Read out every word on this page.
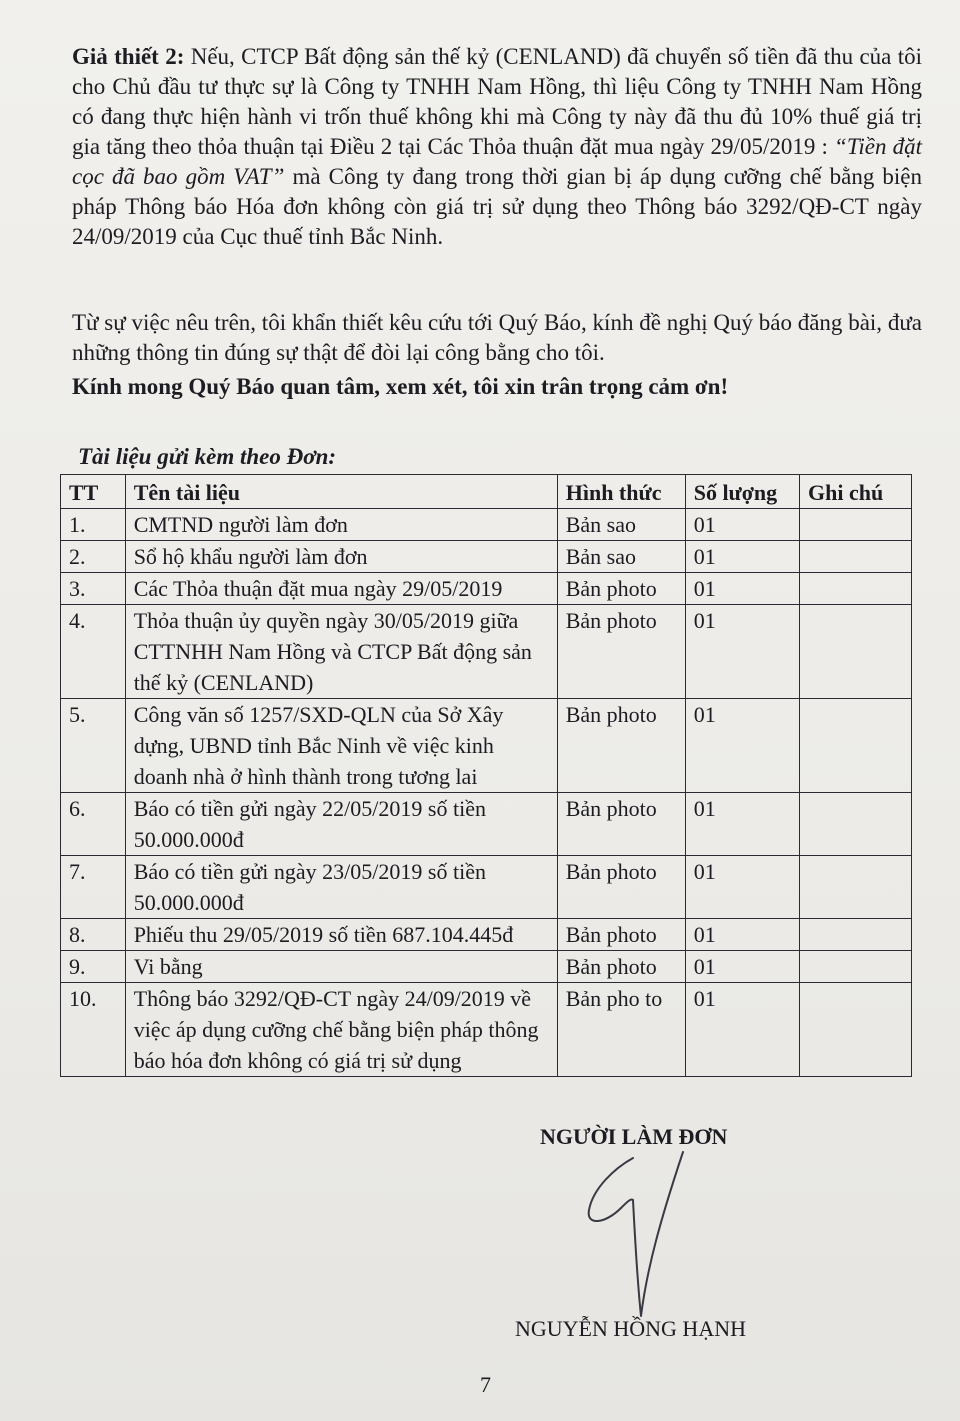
Giả thiết 2: Nếu, CTCP Bất động sản thế kỷ (CENLAND) đã chuyển số tiền đã thu của tôi cho Chủ đầu tư thực sự là Công ty TNHH Nam Hồng, thì liệu Công ty TNHH Nam Hồng có đang thực hiện hành vi trốn thuế không khi mà Công ty này đã thu đủ 10% thuế giá trị gia tăng theo thỏa thuận tại Điều 2 tại Các Thỏa thuận đặt mua ngày 29/05/2019 : “Tiền đặt cọc đã bao gồm VAT” mà Công ty đang trong thời gian bị áp dụng cưỡng chế bằng biện pháp Thông báo Hóa đơn không còn giá trị sử dụng theo Thông báo 3292/QĐ-CT ngày 24/09/2019 của Cục thuế tỉnh Bắc Ninh.
Từ sự việc nêu trên, tôi khẩn thiết kêu cứu tới Quý Báo, kính đề nghị Quý báo đăng bài, đưa những thông tin đúng sự thật để đòi lại công bằng cho tôi.
Kính mong Quý Báo quan tâm, xem xét, tôi xin trân trọng cảm ơn!
Tài liệu gửi kèm theo Đơn:
TT	Tên tài liệu	Hình thức	Số lượng	Ghi chú
1.	CMTND người làm đơn	Bản sao	01	
2.	Sổ hộ khẩu người làm đơn	Bản sao	01	
3.	Các Thỏa thuận đặt mua ngày 29/05/2019	Bản photo	01	
4.	Thỏa thuận ủy quyền ngày 30/05/2019 giữa CTTNHH Nam Hồng và CTCP Bất động sản thế kỷ (CENLAND)	Bản photo	01	
5.	Công văn số 1257/SXD-QLN của Sở Xây dựng, UBND tỉnh Bắc Ninh về việc kinh doanh nhà ở hình thành trong tương lai	Bản photo	01	
6.	Báo có tiền gửi ngày 22/05/2019 số tiền 50.000.000đ	Bản photo	01	
7.	Báo có tiền gửi ngày 23/05/2019 số tiền 50.000.000đ	Bản photo	01	
8.	Phiếu thu 29/05/2019 số tiền 687.104.445đ	Bản photo	01	
9.	Vi bằng	Bản photo	01	
10.	Thông báo 3292/QĐ-CT ngày 24/09/2019 về việc áp dụng cưỡng chế bằng biện pháp thông báo hóa đơn không có giá trị sử dụng	Bản pho to	01	
NGƯỜI LÀM ĐƠN
NGUYỄN HỒNG HẠNH
7
